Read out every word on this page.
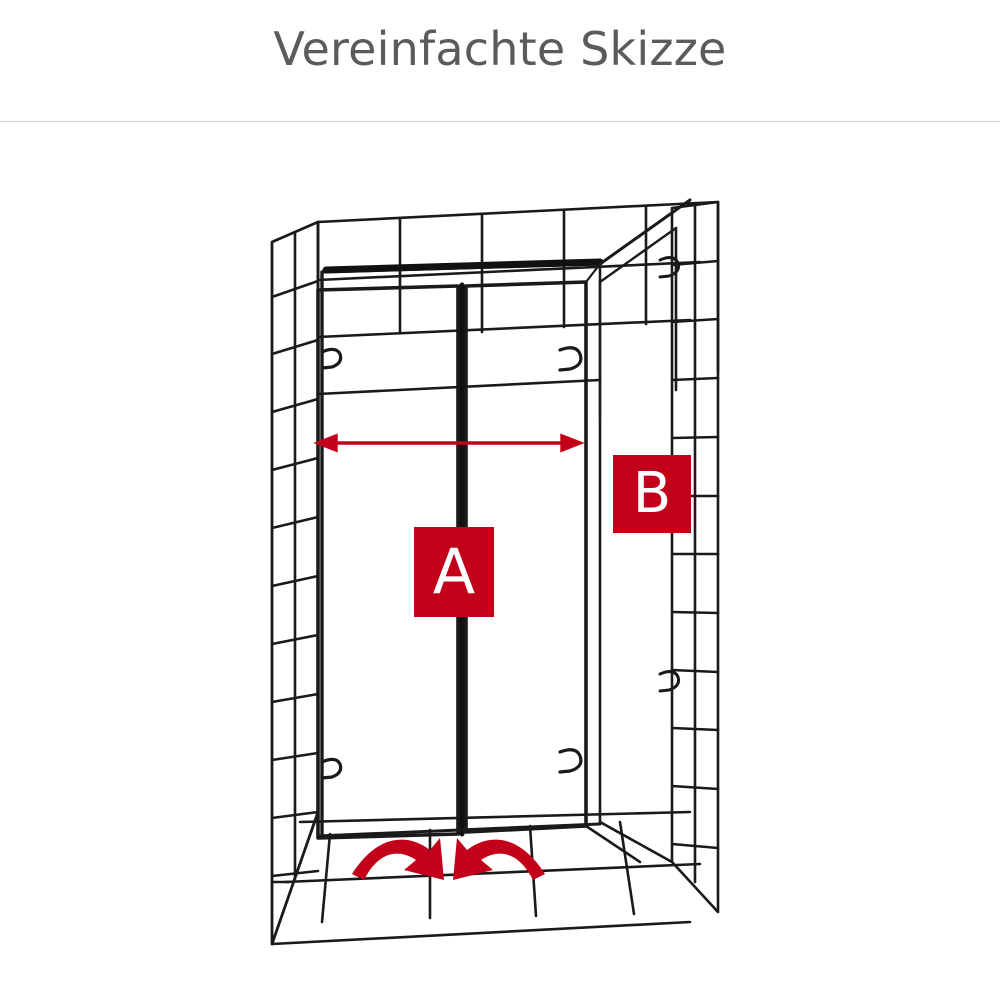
Vereinfachte Skizze
A
B
